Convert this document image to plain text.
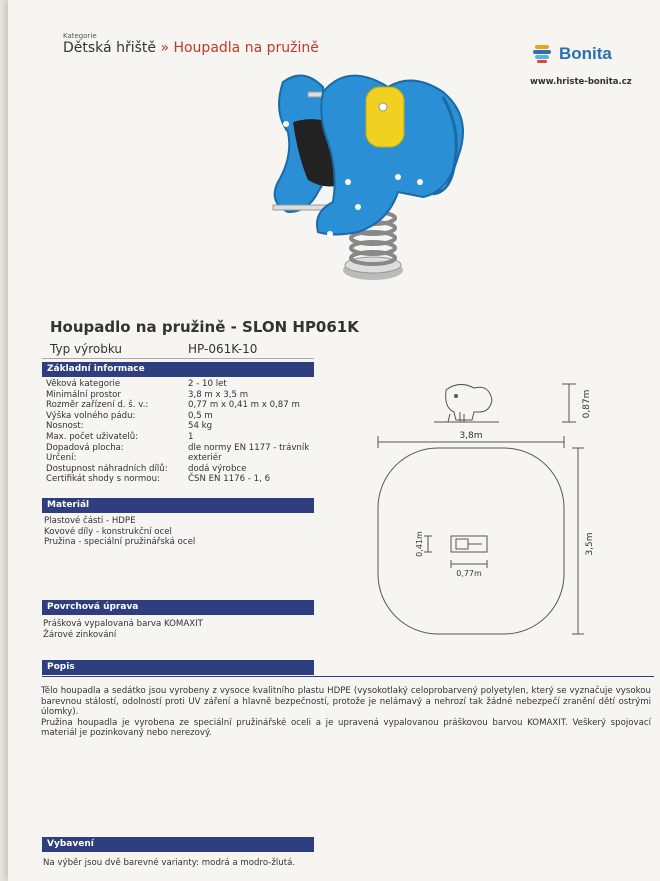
Kategorie
Dětská hřiště » Houpadla na pružině	Bonita
www.hriste-bonita.cz
Houpadlo na pružině - SLON HP061K
Typ výrobku	HP-061K-10
Základní informace
Věková kategorie	2 - 10 let
Minimální prostor	3,8 m x 3,5 m
Rozměr zařízení d. š. v.:	0,77 m x 0,41 m x 0,87 m
Výška volného pádu:	0,5 m
Nosnost:	54 kg
Max. počet uživatelů:	1
Dopadová plocha:	dle normy EN 1177 - trávník
Určení:	exteriér
Dostupnost náhradních dílů:	dodá výrobce
Certifikát shody s normou:	ČSN EN 1176 - 1, 6
Materiál
Plastové části - HDPE
Kovové díly - konstrukční ocel
Pružina - speciální pružinářská ocel
Povrchová úprava
Prášková vypalovaná barva KOMAXIT
Žárové zinkování
Popis

Tělo houpadla a sedátko jsou vyrobeny z vysoce kvalitního plastu HDPE (vysokotlaký celoprobarvený polyetylen, který se vyznačuje vysokou barevnou stálostí, odolností proti UV záření a hlavně bezpečností, protože je nelámavý a nehrozí tak žádné nebezpečí zranění dětí ostrými úlomky).

Pružina houpadla je vyrobena ze speciální pružinářské oceli a je upravená vypalovanou práškovou barvou KOMAXIT. Veškerý spojovací materiál je pozinkovaný nebo nerezový.

Vybavení
Na výběr jsou dvě barevné varianty: modrá a modro-žlutá.
0,87m
3,8m
3,5m
0,41m
0,77m
